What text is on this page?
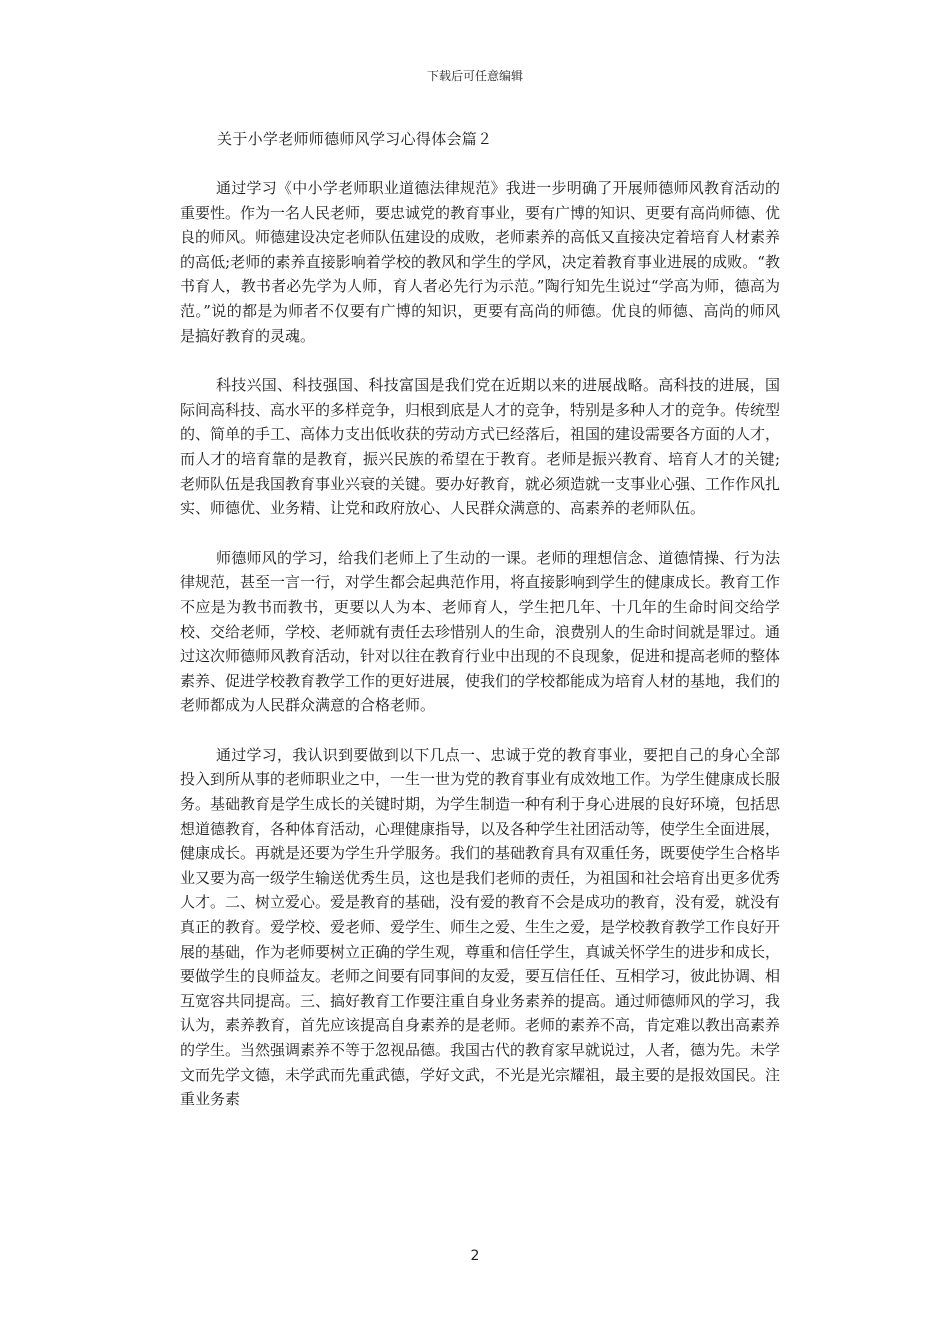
下载后可任意编辑
关于小学老师师德师风学习心得体会篇２

通过学习《中小学老师职业道德法律规范》我进一步明确了开展师德师风教育活动的重要性。作为一名人民老师，要忠诚党的教育事业，要有广博的知识、更要有高尚师德、优良的师风。师德建设决定老师队伍建设的成败，老师素养的高低又直接决定着培育人材素养的高低;老师的素养直接影响着学校的教风和学生的学风，决定着教育事业进展的成败。“教书育人，教书者必先学为人师，育人者必先行为示范。”陶行知先生说过“学高为师，德高为范。”说的都是为师者不仅要有广博的知识，更要有高尚的师德。优良的师德、高尚的师风是搞好教育的灵魂。

科技兴国、科技强国、科技富国是我们党在近期以来的进展战略。高科技的进展，国际间高科技、高水平的多样竞争，归根到底是人才的竞争，特别是多种人才的竞争。传统型的、简单的手工、高体力支出低收获的劳动方式已经落后，祖国的建设需要各方面的人才，而人才的培育靠的是教育，振兴民族的希望在于教育。老师是振兴教育、培育人才的关键;老师队伍是我国教育事业兴衰的关键。要办好教育，就必须造就一支事业心强、工作作风扎实、师德优、业务精、让党和政府放心、人民群众满意的、高素养的老师队伍。

师德师风的学习，给我们老师上了生动的一课。老师的理想信念、道德情操、行为法律规范，甚至一言一行，对学生都会起典范作用，将直接影响到学生的健康成长。教育工作不应是为教书而教书，更要以人为本、老师育人，学生把几年、十几年的生命时间交给学校、交给老师，学校、老师就有责任去珍惜别人的生命，浪费别人的生命时间就是罪过。通过这次师德师风教育活动，针对以往在教育行业中出现的不良现象，促进和提高老师的整体素养、促进学校教育教学工作的更好进展，使我们的学校都能成为培育人材的基地，我们的老师都成为人民群众满意的合格老师。

通过学习，我认识到要做到以下几点一、忠诚于党的教育事业，要把自己的身心全部投入到所从事的老师职业之中，一生一世为党的教育事业有成效地工作。为学生健康成长服务。基础教育是学生成长的关键时期，为学生制造一种有利于身心进展的良好环境，包括思想道德教育，各种体育活动，心理健康指导，以及各种学生社团活动等，使学生全面进展，健康成长。再就是还要为学生升学服务。我们的基础教育具有双重任务，既要使学生合格毕业又要为高一级学生输送优秀生员，这也是我们老师的责任，为祖国和社会培育出更多优秀人才。二、树立爱心。爱是教育的基础，没有爱的教育不会是成功的教育，没有爱，就没有真正的教育。爱学校、爱老师、爱学生、师生之爱、生生之爱，是学校教育教学工作良好开展的基础，作为老师要树立正确的学生观，尊重和信任学生，真诚关怀学生的进步和成长，要做学生的良师益友。老师之间要有同事间的友爱，要互信任任、互相学习，彼此协调、相互宽容共同提高。三、搞好教育工作要注重自身业务素养的提高。通过师德师风的学习，我认为，素养教育，首先应该提高自身素养的是老师。老师的素养不高，肯定难以教出高素养的学生。当然强调素养不等于忽视品德。我国古代的教育家早就说过，人者，德为先。未学文而先学文德，未学武而先重武德，学好文武，不光是光宗耀祖，最主要的是报效国民。注重业务素

2
